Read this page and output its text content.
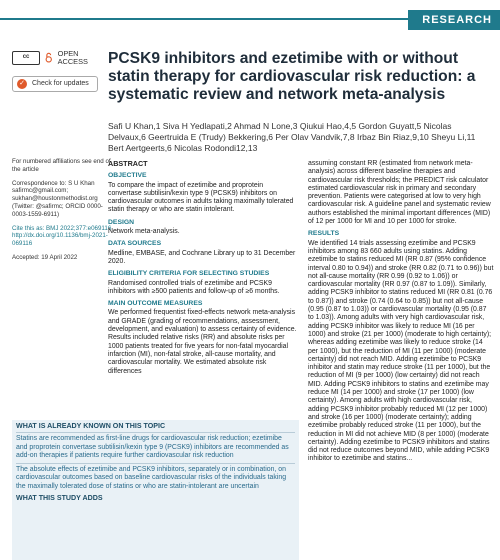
RESEARCH
cc	OPEN ACCESS
✓ Check for updates

For numbered affiliations see end of the article

Correspondence to: S U Khan safirmc@gmail.com; sukhan@houstonmethodist.org (Twitter: @safirmc; ORCID 0000-0003-1559-6911)

Cite this as: BMJ 2022;377:e069116 http://dx.doi.org/10.1136/bmj-2021-069116

Accepted: 19 April 2022

PCSK9 inhibitors and ezetimibe with or without statin therapy for cardiovascular risk reduction: a systematic review and network meta-analysis

Safi U Khan,1 Siva H Yedlapati,2 Ahmad N Lone,3 Qiukui Hao,4,5 Gordon Guyatt,5 Nicolas Delvaux,6 Geertruida E (Trudy) Bekkering,6 Per Olav Vandvik,7,8 Irbaz Bin Riaz,9,10 Sheyu Li,11 Bert Aertgeerts,6 Nicolas Rodondi12,13

ABSTRACT
OBJECTIVE

To compare the impact of ezetimibe and proprotein convertase subtilisin/kexin type 9 (PCSK9) inhibitors on cardiovascular outcomes in adults taking maximally tolerated statin therapy or who are statin intolerant.

DESIGN

Network meta-analysis.

DATA SOURCES

Medline, EMBASE, and Cochrane Library up to 31 December 2020.

ELIGIBILITY CRITERIA FOR SELECTING STUDIES

Randomised controlled trials of ezetimibe and PCSK9 inhibitors with ≥500 patients and follow-up of ≥6 months.

MAIN OUTCOME MEASURES

We performed frequentist fixed-effects network meta-analysis and GRADE (grading of recommendations, assessment, development, and evaluation) to assess certainty of evidence. Results included relative risks (RR) and absolute risks per 1000 patients treated for five years for non-fatal myocardial infarction (MI), non-fatal stroke, all-cause mortality, and cardiovascular mortality. We estimated absolute risk differences

assuming constant RR (estimated from network meta-analysis) across different baseline therapies and cardiovascular risk thresholds; the PREDICT risk calculator estimated cardiovascular risk in primary and secondary prevention. Patients were categorised at low to very high cardiovascular risk. A guideline panel and systematic review authors established the minimal important differences (MID) of 12 per 1000 for MI and 10 per 1000 for stroke.

RESULTS

We identified 14 trials assessing ezetimibe and PCSK9 inhibitors among 83 660 adults using statins. Adding ezetimibe to statins reduced MI (RR 0.87 (95% confidence interval 0.80 to 0.94)) and stroke (RR 0.82 (0.71 to 0.96)) but not all-cause mortality (RR 0.99 (0.92 to 1.06)) or cardiovascular mortality (RR 0.97 (0.87 to 1.09)). Similarly, adding PCSK9 inhibitor to statins reduced MI (RR 0.81 (0.76 to 0.87)) and stroke (0.74 (0.64 to 0.85)) but not all-cause (0.95 (0.87 to 1.03)) or cardiovascular mortality (0.95 (0.87 to 1.03)). Among adults with very high cardiovascular risk, adding PCSK9 inhibitor was likely to reduce MI (16 per 1000) and stroke (21 per 1000) (moderate to high certainty); whereas adding ezetimibe was likely to reduce stroke (14 per 1000), but the reduction of MI (11 per 1000) (moderate certainty) did not reach MID. Adding ezetimibe to PCSK9 inhibitor and statin may reduce stroke (11 per 1000), but the reduction of MI (9 per 1000) (low certainty) did not reach MID. Adding PCSK9 inhibitors to statins and ezetimibe may reduce MI (14 per 1000) and stroke (17 per 1000) (low certainty). Among adults with high cardiovascular risk, adding PCSK9 inhibitor probably reduced MI (12 per 1000) and stroke (16 per 1000) (moderate certainty); adding ezetimibe probably reduced stroke (11 per 1000), but the reduction in MI did not achieve MID (8 per 1000) (moderate certainty). Adding ezetimibe to PCSK9 inhibitors and statins did not reduce outcomes beyond MID, while adding PCSK9 inhibitor to ezetimibe and statins...

WHAT IS ALREADY KNOWN ON THIS TOPIC

Statins are recommended as first-line drugs for cardiovascular risk reduction; ezetimibe and proprotein convertase subtilisin/kexin type 9 (PCSK9) inhibitors are recommended as add-on therapies if patients require further cardiovascular risk reduction

The absolute effects of ezetimibe and PCSK9 inhibitors, separately or in combination, on cardiovascular outcomes based on baseline cardiovascular risks of the individuals taking the maximally tolerated dose of statins or who are statin-intolerant are uncertain

WHAT THIS STUDY ADDS
